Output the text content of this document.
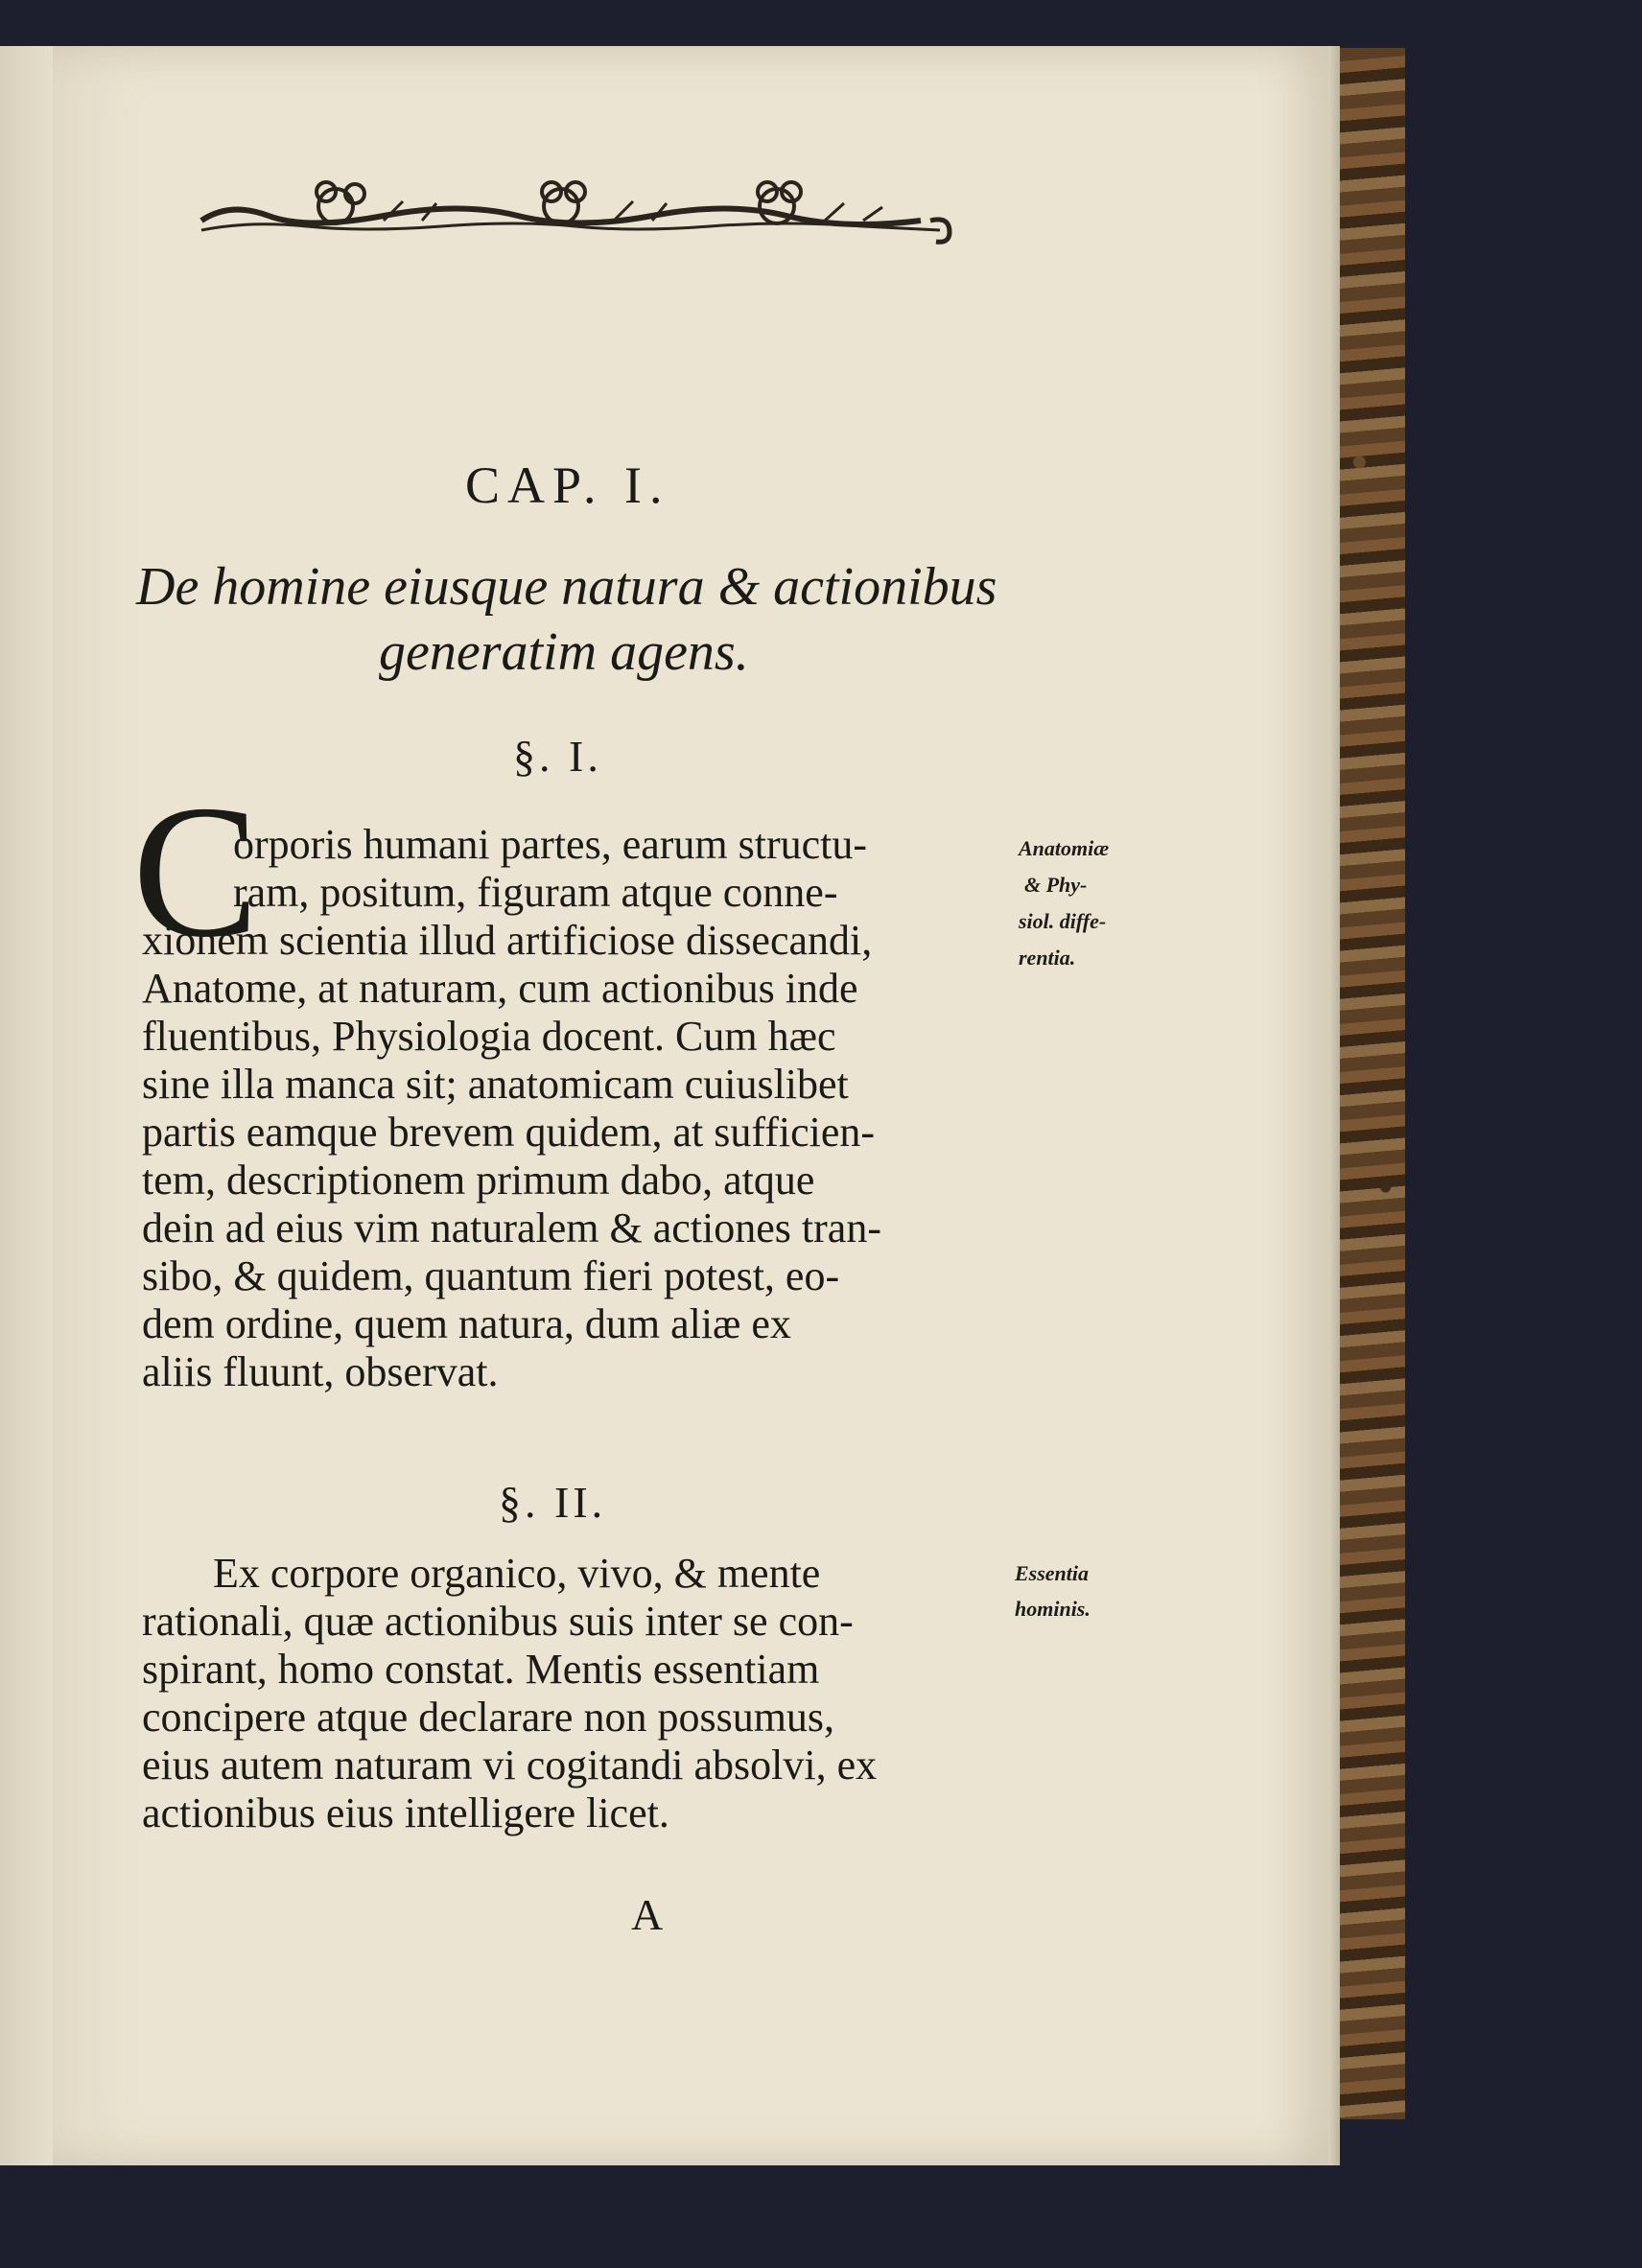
CAP. I.
De homine eiusque natura & actionibus
generatim agens.
§. I.
C
orporis humani partes, earum structu-
ram, positum, figuram atque conne-
xionem scientia illud artificiose dissecandi,
Anatome, at naturam, cum actionibus inde
fluentibus, Physiologia docent. Cum hæc
sine illa manca sit; anatomicam cuiuslibet
partis eamque brevem quidem, at sufficien-
tem, descriptionem primum dabo, atque
dein ad eius vim naturalem & actiones tran-
sibo, & quidem, quantum fieri potest, eo-
dem ordine, quem natura, dum aliæ ex
aliis fluunt, observat.
Anatomiæ
& Phy-
siol. diffe-
rentia.
§. II.
Ex corpore organico, vivo, & mente
rationali, quæ actionibus suis inter se con-
spirant, homo constat. Mentis essentiam
concipere atque declarare non possumus,
eius autem naturam vi cogitandi absolvi, ex
actionibus eius intelligere licet.
Essentia
hominis.
A
